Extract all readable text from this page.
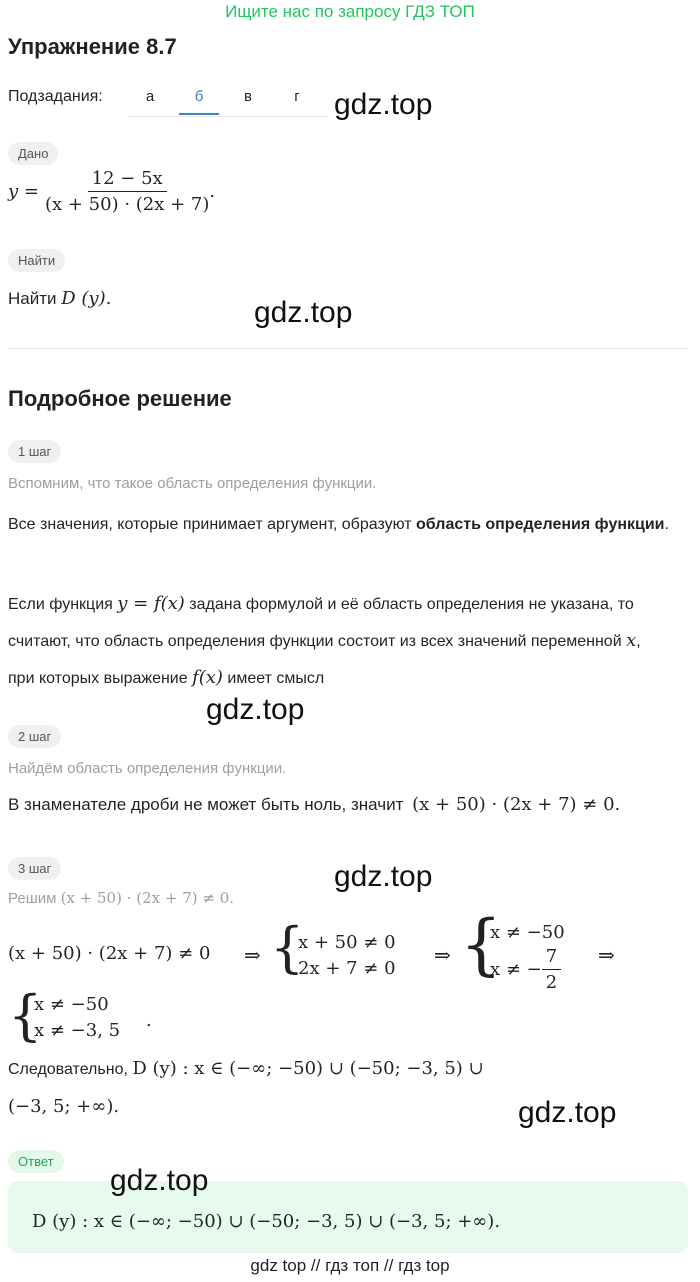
Ищите нас по запросу ГДЗ ТОП
Упражнение 8.7
Подзадания:	а	б	в	г	gdz.top
gdz.top
gdz.top
gdz.top
gdz.top
gdz.top
Дано
$y = \frac{12 - 5x}{(x + 50) \cdot (2x + 7)}$ .
Найти
Найти D (y).
Подробное решение
1 шаг
Вспомним, что такое область определения функции.
Все значения, которые принимает аргумент, образуют область определения функции.
Если функция y = f(x) задана формулой и её область определения не указана, то считают, что область определения функции состоит из всех значений переменной x, при которых выражение f(x) имеет смысл
2 шаг
Найдём область определения функции.
В знаменателе дроби не может быть ноль, значит (x + 50) · (2x + 7) ≠ 0.
3 шаг
Решим (x + 50) · (2x + 7) ≠ 0.
(x + 50) · (2x + 7) ≠ 0 ⇒ {
x + 50 ≠ 0
2x + 7 ≠ 0
⇒ {
x ≠ −50
x ≠ − $\frac{7}{2}$ ⇒
{
x ≠ −50
x ≠ −3, 5 .
Следовательно, D (y) : x ∈ (−∞; −50) ∪ (−50; −3, 5) ∪
(−3, 5; +∞).
Ответ
D (y) : x ∈ (−∞; −50) ∪ (−50; −3, 5) ∪ (−3, 5; +∞).
gdz top // гдз топ // гдз top
